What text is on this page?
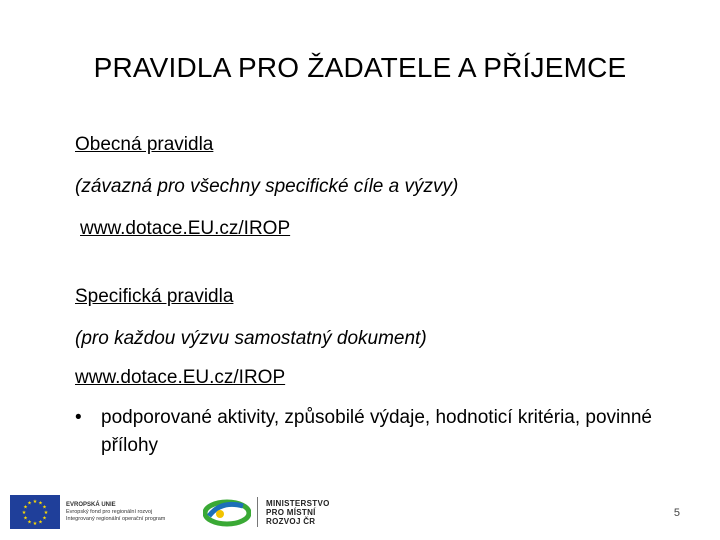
PRAVIDLA PRO ŽADATELE A PŘÍJEMCE
Obecná pravidla
(závazná pro všechny specifické cíle a výzvy)
www.dotace.EU.cz/IROP
Specifická pravidla
(pro každou výzvu samostatný dokument)
www.dotace.EU.cz/IROP
•	podporované aktivity, způsobilé výdaje, hodnoticí kritéria, povinné přílohy
★ ★
★
★
★
★
★
★
★
★
★
★	EVROPSKÁ UNIE
Evropský fond pro regionální rozvoj
Integrovaný regionální operační program
MINISTERSTVO
PRO MÍSTNÍ
ROZVOJ ČR
5
